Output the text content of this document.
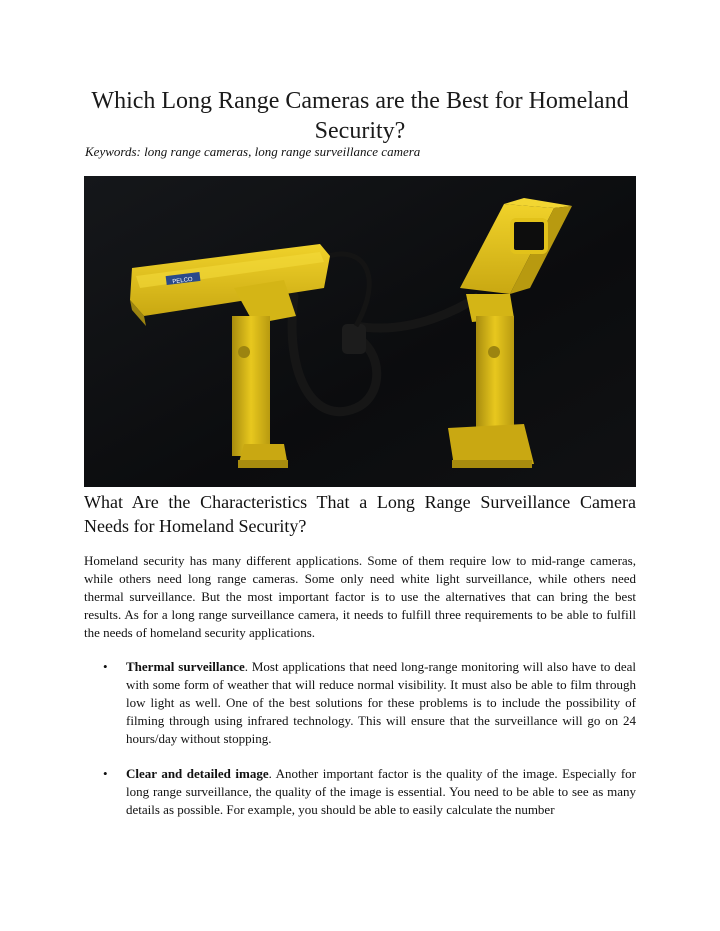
Which Long Range Cameras are the Best for Homeland Security?
Keywords: long range cameras, long range surveillance camera
PELCO
What Are the Characteristics That a Long Range Surveillance Camera Needs for Homeland Security?
Homeland security has many different applications. Some of them require low to mid-range cameras, while others need long range cameras. Some only need white light surveillance, while others need thermal surveillance. But the most important factor is to use the alternatives that can bring the best results. As for a long range surveillance camera, it needs to fulfill three requirements to be able to fulfill the needs of homeland security applications.
•	Thermal surveillance. Most applications that need long-range monitoring will also have to deal with some form of weather that will reduce normal visibility. It must also be able to film through low light as well. One of the best solutions for these problems is to include the possibility of filming through using infrared technology. This will ensure that the surveillance will go on 24 hours/day without stopping.
•	Clear and detailed image. Another important factor is the quality of the image. Especially for long range surveillance, the quality of the image is essential. You need to be able to see as many details as possible. For example, you should be able to easily calculate the number
